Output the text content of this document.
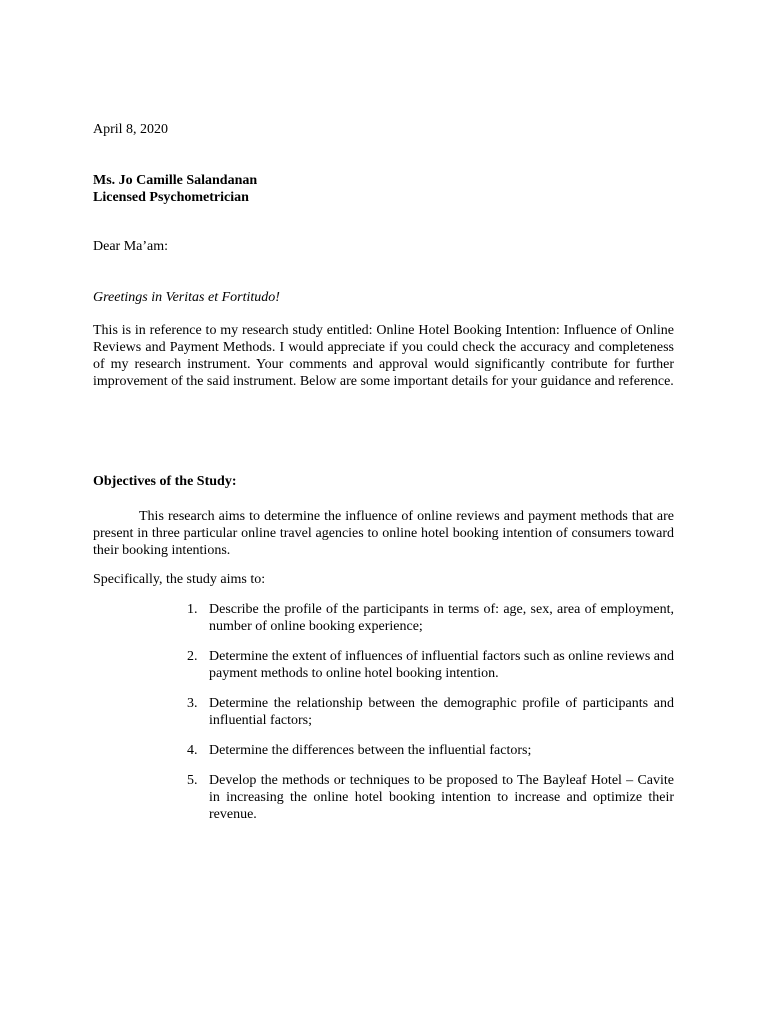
April 8, 2020
Ms. Jo Camille Salandanan
Licensed Psychometrician
Dear Ma’am:
Greetings in Veritas et Fortitudo!
This is in reference to my research study entitled: Online Hotel Booking Intention: Influence of Online Reviews and Payment Methods. I would appreciate if you could check the accuracy and completeness of my research instrument. Your comments and approval would significantly contribute for further improvement of the said instrument. Below are some important details for your guidance and reference.
Objectives of the Study:
This research aims to determine the influence of online reviews and payment methods that are present in three particular online travel agencies to online hotel booking intention of consumers toward their booking intentions.
Specifically, the study aims to:
1. Describe the profile of the participants in terms of: age, sex, area of employment, number of online booking experience;
2. Determine the extent of influences of influential factors such as online reviews and payment methods to online hotel booking intention.
3. Determine the relationship between the demographic profile of participants and influential factors;
4. Determine the differences between the influential factors;
5. Develop the methods or techniques to be proposed to The Bayleaf Hotel – Cavite in increasing the online hotel booking intention to increase and optimize their revenue.
